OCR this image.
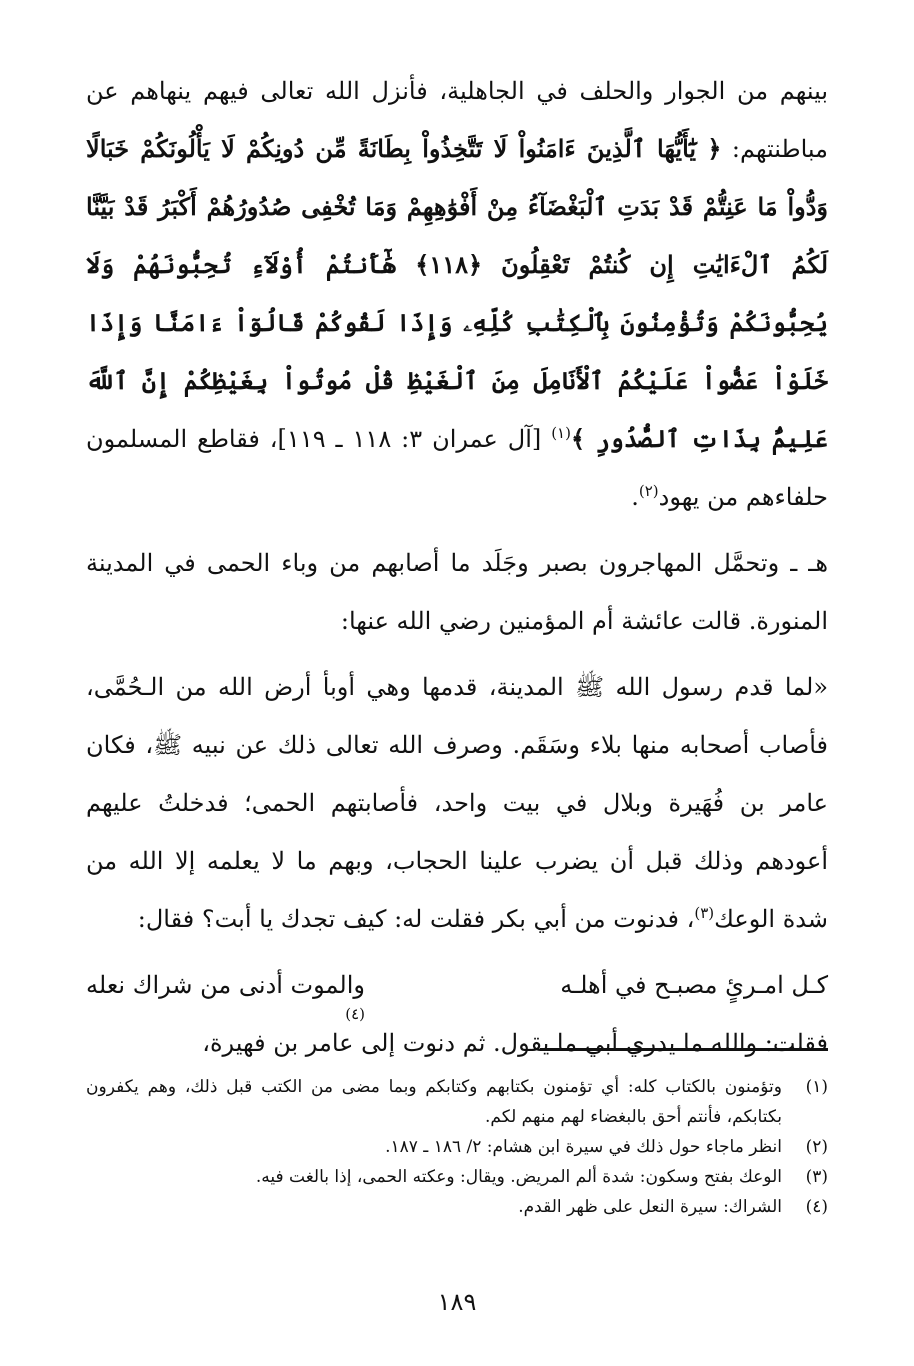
بينهم من الجوار والحلف في الجاهلية، فأنزل الله تعالى فيهم ينهاهم عن مباطنتهم: ﴿ يَٰٓأَيُّهَا ٱلَّذِينَ ءَامَنُواْ لَا تَتَّخِذُواْ بِطَانَةً مِّن دُونِكُمْ لَا يَأْلُونَكُمْ خَبَالًا وَدُّواْ مَا عَنِتُّمْ قَدْ بَدَتِ ٱلْبَغْضَآءُ مِنْ أَفْوَٰهِهِمْ وَمَا تُخْفِى صُدُورُهُمْ أَكْبَرُ قَدْ بَيَّنَّا لَكُمُ ٱلْءَايَٰتِ إِن كُنتُمْ تَعْقِلُونَ ﴿١١٨﴾ هَٰٓأَنتُمْ أُوْلَآءِ تُحِبُّونَهُمْ وَلَا يُحِبُّونَكُمْ وَتُؤْمِنُونَ بِٱلْكِتَٰبِ كُلِّهِۦ وَإِذَا لَقُوكُمْ قَالُوٓاْ ءَامَنَّا وَإِذَا خَلَوْاْ عَضُّواْ عَلَيْكُمُ ٱلْأَنَامِلَ مِنَ ٱلْغَيْظِ قُلْ مُوتُواْ بِغَيْظِكُمْ إِنَّ ٱللَّهَ عَلِيمٌۢ بِذَاتِ ٱلصُّدُورِ ﴾$^{(١)}$ [آل عمران ٣: ١١٨ ـ ١١٩]، فقاطع المسلمون حلفاءهم من يهود$^{(٢)}$.

هـ ـ وتحمَّل المهاجرون بصبر وجَلَد ما أصابهم من وباء الحمى في المدينة المنورة. قالت عائشة أم المؤمنين رضي الله عنها:

«لما قدم رسول الله ﷺ المدينة، قدمها وهي أوبأ أرض الله من الـحُمَّى، فأصاب أصحابه منها بلاء وسَقَم. وصرف الله تعالى ذلك عن نبيه ﷺ، فكان عامر بن فُهَيرة وبلال في بيت واحد، فأصابتهم الحمى؛ فدخلتُ عليهم أعودهم وذلك قبل أن يضرب علينا الحجاب، وبهم ما لا يعلمه إلا الله من شدة الوعك$^{(٣)}$، فدنوت من أبي بكر فقلت له: كيف تجدك يا أبت؟ فقال:

كـل امـرئٍ مصبـح في أهلـه
والموت أدنى من شراك نعله
(٤)

فقلت: والله ما يدري أبي ما يقول. ثم دنوت إلى عامر بن فهيرة،

(١)
وتؤمنون بالكتاب كله: أي تؤمنون بكتابهم وكتابكم وبما مضى من الكتب قبل ذلك، وهم يكفرون بكتابكم، فأنتم أحق بالبغضاء لهم منهم لكم.
(٢)
انظر ماجاء حول ذلك في سيرة ابن هشام: ٢/ ١٨٦ ـ ١٨٧.
(٣)
الوعك بفتح وسكون: شدة ألم المريض. ويقال: وعكته الحمى، إذا بالغت فيه.
(٤)
الشراك: سيرة النعل على ظهر القدم.
١٨٩
